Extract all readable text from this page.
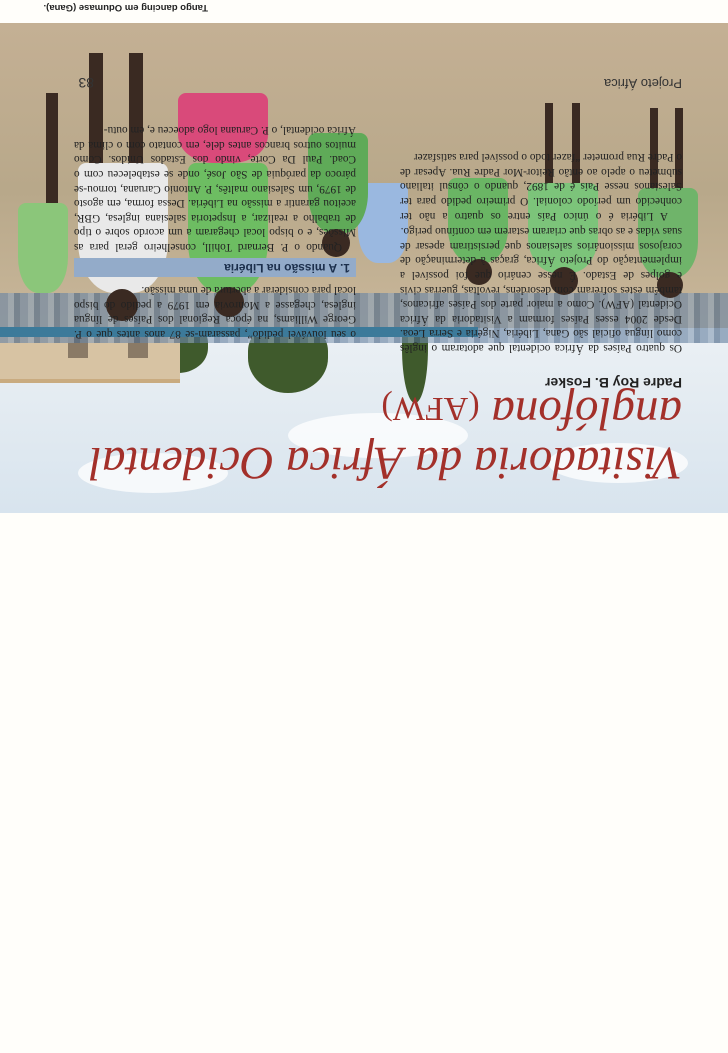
Tango dancing em Odumase (Gana).
Visitadoria da África Ocidental anglófona (AFW)
Padre Roy B. Fosker

Os quatro Países da África ocidental que adotaram o inglês como língua oficial são Gana, Libéria, Nigéria e Serra Leoa. Desde 2004 esses Países formam a Visitadoria da África Ocidental (AFW). Como a maior parte dos Países africanos, também estes sofreram com desordens, revoltas, guerras civis e golpes de Estado. É nesse cenário que foi possível a implementação do Projeto África, graças à determinação de corajosos missionários salesianos que persistiram apesar de suas vidas e as obras que criaram estarem em contínuo perigo.

A Libéria é o único País entre os quatro a não ter conhecido um período colonial. O primeiro pedido para ter Salesianos nesse País é de 1892, quando o cônsul italiano submeteu o apelo ao então Reitor-Mor Padre Rua. Apesar de o Padre Rua prometer “fazer todo o possível para satisfazer

o seu louvável pedido”, passaram-se 87 anos antes que o P. George Williams, na época Regional dos Países de língua inglesa, chegasse a Monrovia em 1979 a pedido do bispo local para considerar a abertura de uma missão.

1. A missão na Libéria

Quando o P. Bernard Tohill, conselheiro geral para as Missões, e o bispo local chegaram a um acordo sobre o tipo de trabalho a realizar, a Inspetoria salesiana inglesa, GBR, aceitou garantir a missão na Libéria. Dessa forma, em agosto de 1979, um Salesiano maltês, P. Antonio Caruana, tornou-se pároco da paróquia de São José, onde se estabeleceu com o Coad. Paul Da Corte, vindo dos Estados Unidos. Como muitos outros brancos antes dele, em contato com o clima da África ocidental, o P. Caruana logo adoeceu e, em outu-

Projeto África
83
